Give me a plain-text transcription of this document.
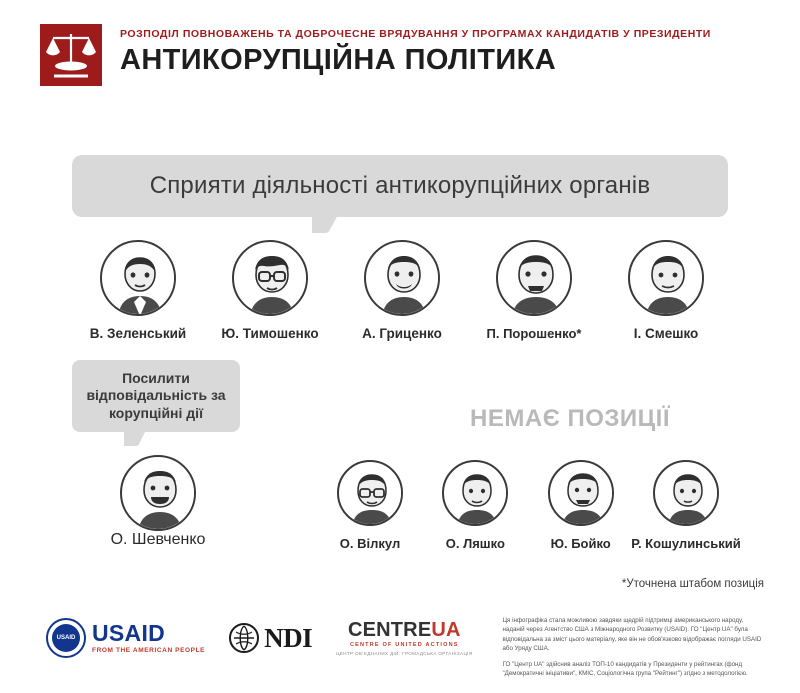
РОЗПОДІЛ ПОВНОВАЖЕНЬ ТА ДОБРОЧЕСНЕ ВРЯДУВАННЯ У ПРОГРАМАХ КАНДИДАТІВ У ПРЕЗИДЕНТИ
АНТИКОРУПЦІЙНА ПОЛІТИКА
Сприяти діяльності антикорупційних органів
В. Зеленський	Ю. Тимошенко	А. Гриценко	П. Порошенко*	І. Смешко
Посилити відповідальність за корупційні дії	НЕМАЄ ПОЗИЦІЇ
О. Шевченко	О. Вілкул	О. Ляшко	Ю. Бойко Р. Кошулинський
*Уточнена штабом позиція
USAID USAID
FROM THE AMERICAN PEOPLE NDI	CENTREUA
CENTRE OF UNITED ACTIONS
ЦЕНТР ОБ'ЄДНАНИХ ДІЙ. ГРОМАДСЬКА ОРГАНІЗАЦІЯ

Ця інфографіка стала можливою завдяки щедрій підтримці американського народу, наданій через Агентство США з Міжнародного Розвитку (USAID). ГО "Центр UA" була відповідальна за зміст цього матеріалу, яке він не обов'язково відображає погляди USAID або Уряду США.

ГО "Центр UA" здійснив аналіз ТОП-10 кандидатів у Президенти у рейтингах (фонд "Демократичні ініціативи", КМІС, Соціологічна група "Рейтинг") згідно з методологією.
